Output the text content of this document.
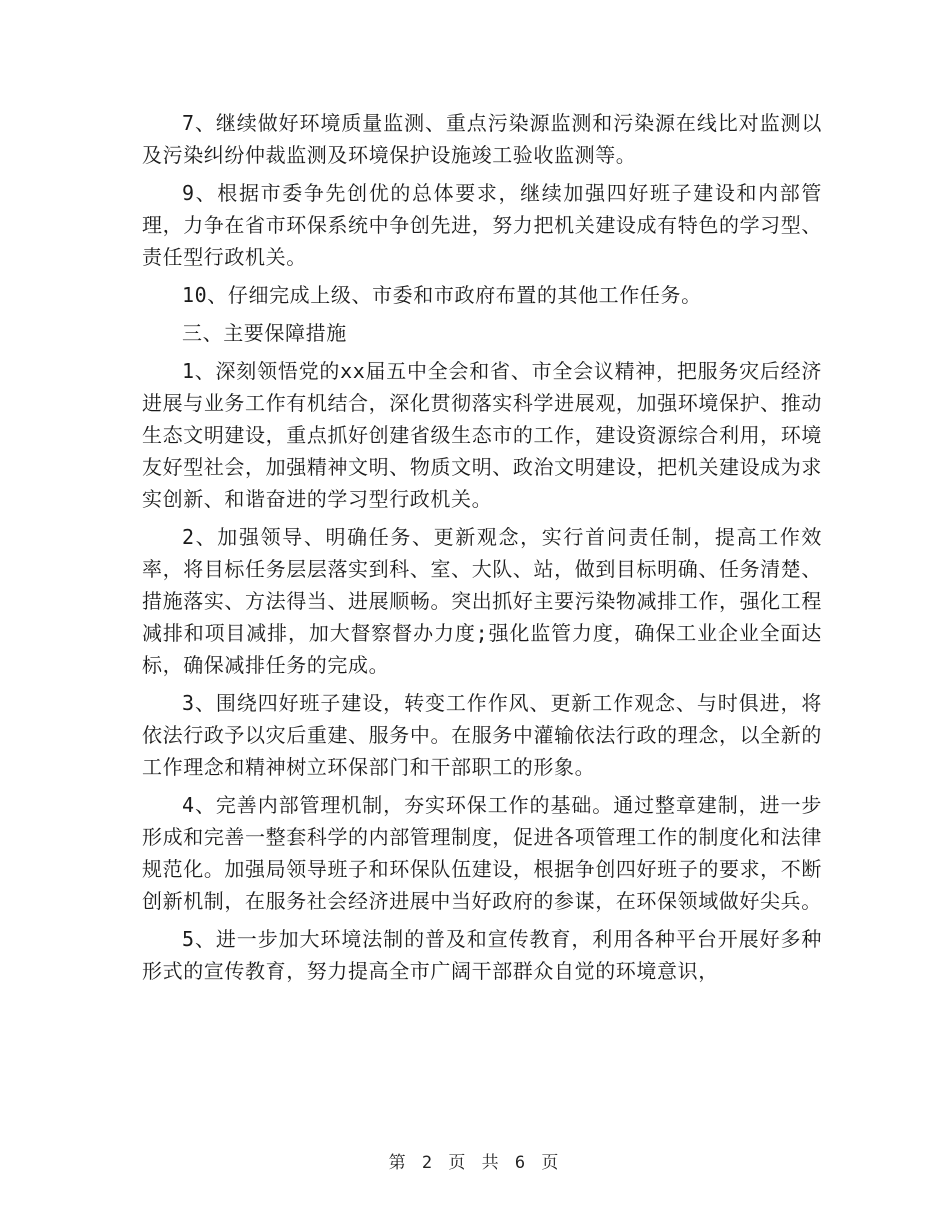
7、继续做好环境质量监测、重点污染源监测和污染源在线比对监测以及污染纠纷仲裁监测及环境保护设施竣工验收监测等。

9、根据市委争先创优的总体要求，继续加强四好班子建设和内部管理，力争在省市环保系统中争创先进，努力把机关建设成有特色的学习型、责任型行政机关。

10、仔细完成上级、市委和市政府布置的其他工作任务。

三、主要保障措施

1、深刻领悟党的xx届五中全会和省、市全会议精神，把服务灾后经济进展与业务工作有机结合，深化贯彻落实科学进展观，加强环境保护、推动生态文明建设，重点抓好创建省级生态市的工作，建设资源综合利用，环境友好型社会，加强精神文明、物质文明、政治文明建设，把机关建设成为求实创新、和谐奋进的学习型行政机关。

2、加强领导、明确任务、更新观念，实行首问责任制，提高工作效率，将目标任务层层落实到科、室、大队、站，做到目标明确、任务清楚、措施落实、方法得当、进展顺畅。突出抓好主要污染物减排工作，强化工程减排和项目减排，加大督察督办力度;强化监管力度，确保工业企业全面达标，确保减排任务的完成。

3、围绕四好班子建设，转变工作作风、更新工作观念、与时俱进，将依法行政予以灾后重建、服务中。在服务中灌输依法行政的理念，以全新的工作理念和精神树立环保部门和干部职工的形象。

4、完善内部管理机制，夯实环保工作的基础。通过整章建制，进一步形成和完善一整套科学的内部管理制度，促进各项管理工作的制度化和法律规范化。加强局领导班子和环保队伍建设，根据争创四好班子的要求，不断创新机制，在服务社会经济进展中当好政府的参谋，在环保领域做好尖兵。

5、进一步加大环境法制的普及和宣传教育，利用各种平台开展好多种形式的宣传教育，努力提高全市广阔干部群众自觉的环境意识，

第 2 页 共 6 页
